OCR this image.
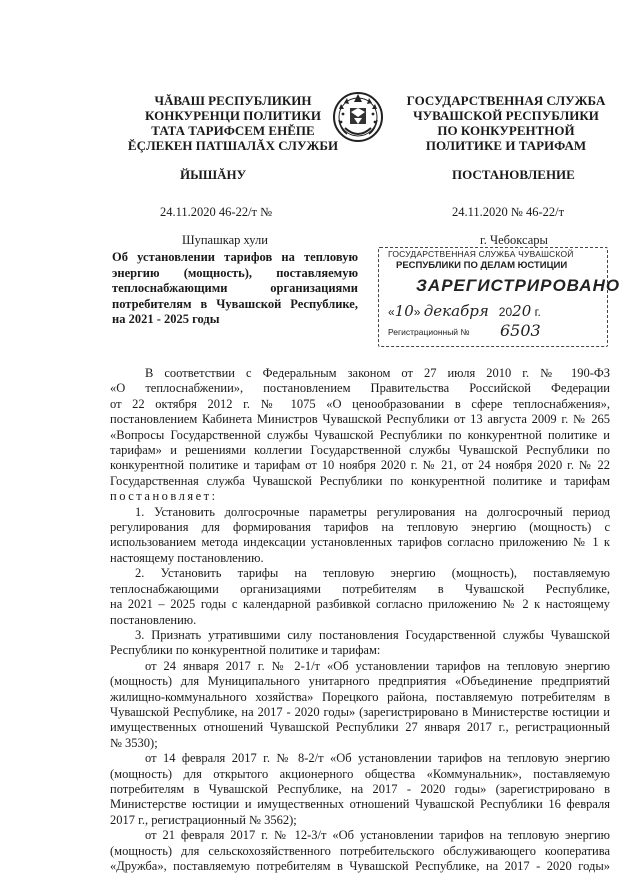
ЧĂВАШ РЕСПУБЛИКИН
КОНКУРЕНЦИ ПОЛИТИКИ
ТАТА ТАРИФСЕМ ЕНĔПЕ
ĔÇЛЕКЕН ПАТШАЛĂХ СЛУЖБИ
ГОСУДАРСТВЕННАЯ СЛУЖБА
ЧУВАШСКОЙ РЕСПУБЛИКИ
ПО КОНКУРЕНТНОЙ
ПОЛИТИКЕ И ТАРИФАМ
ЙЫШĂНУ	ПОСТАНОВЛЕНИЕ
24.11.2020 46-22/т №	24.11.2020 № 46-22/т
Шупашкар хули	г. Чебоксары
Об установлении тарифов на тепловую
энергию (мощность), поставляемую
теплоснабжающими организациями
потребителям в Чувашской Республике,
на 2021 - 2025 годы
ГОСУДАРСТВЕННАЯ СЛУЖБА ЧУВАШСКОЙ
РЕСПУБЛИКИ ПО ДЕЛАМ ЮСТИЦИИ
ЗАРЕГИСТРИРОВАНО
«10» декабря 2020 г.
Регистрационный № 6503

В соответствии с Федеральным законом от 27 июля 2010 г. № 190-ФЗ
«О теплоснабжении», постановлением Правительства Российской Федерации
от 22 октября 2012 г. № 1075 «О ценообразовании в сфере теплоснабжения»,
постановлением Кабинета Министров Чувашской Республики от 13 августа 2009 г. № 265
«Вопросы Государственной службы Чувашской Республики по конкурентной политике и
тарифам» и решениями коллегии Государственной службы Чувашской Республики по
конкурентной политике и тарифам от 10 ноября 2020 г. № 21, от 24 ноября 2020 г. № 22
Государственная служба Чувашской Республики по конкурентной политике и тарифам
постановляет:

1. Установить долгосрочные параметры регулирования на долгосрочный период
регулирования для формирования тарифов на тепловую энергию (мощность) с
использованием метода индексации установленных тарифов согласно приложению № 1 к
настоящему постановлению.

2. Установить тарифы на тепловую энергию (мощность), поставляемую
теплоснабжающими организациями потребителям в Чувашской Республике,
на 2021 – 2025 годы с календарной разбивкой согласно приложению № 2 к настоящему
постановлению.

3. Признать утратившими силу постановления Государственной службы Чувашской
Республики по конкурентной политике и тарифам:

от 24 января 2017 г. № 2-1/т «Об установлении тарифов на тепловую энергию
(мощность) для Муниципального унитарного предприятия «Объединение предприятий
жилищно-коммунального хозяйства» Порецкого района, поставляемую потребителям в
Чувашской Республике, на 2017 - 2020 годы» (зарегистрировано в Министерстве юстиции и
имущественных отношений Чувашской Республики 27 января 2017 г., регистрационный
№ 3530);

от 14 февраля 2017 г. № 8-2/т «Об установлении тарифов на тепловую энергию
(мощность) для открытого акционерного общества «Коммунальник», поставляемую
потребителям в Чувашской Республике, на 2017 - 2020 годы» (зарегистрировано в
Министерстве юстиции и имущественных отношений Чувашской Республики 16 февраля
2017 г., регистрационный № 3562);

от 21 февраля 2017 г. № 12-3/т «Об установлении тарифов на тепловую энергию
(мощность) для сельскохозяйственного потребительского обслуживающего кооператива
«Дружба», поставляемую потребителям в Чувашской Республике, на 2017 - 2020 годы»
